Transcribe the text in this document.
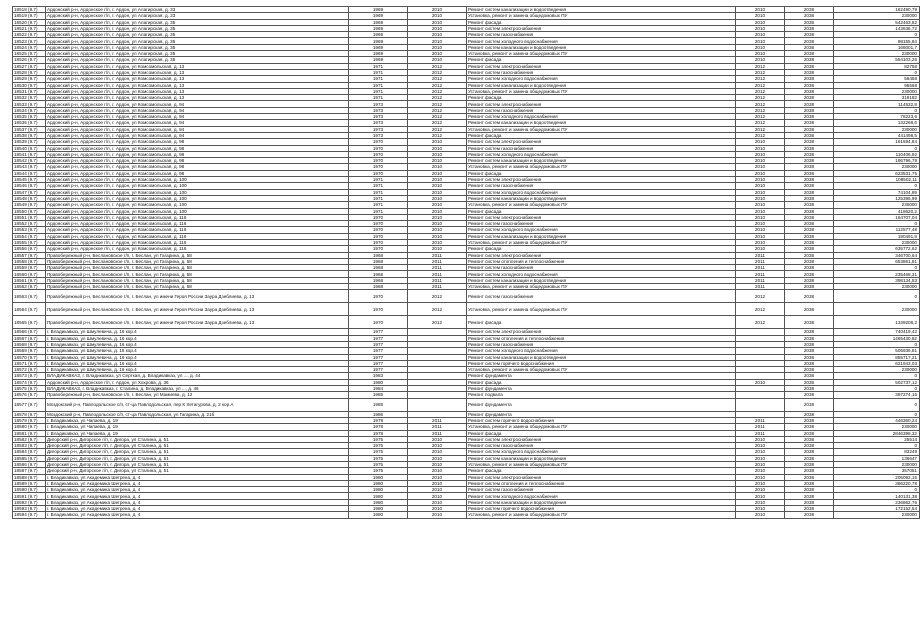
18518 (9.7)	Ардонский р-н, Ардонское г/п, г. Ардон, ул Алагирская, д. 33	1969	2010	Ремонт систем канализации и водоотведения	2010	2038	162490,79
18519 (9.7)	Ардонский р-н, Ардонское г/п, г. Ардон, ул Алагирская, д. 33	1969	2010	Установка, ремонт и замена общедомовых ПУ	2010	2038	230000
18520 (9.7)	Ардонский р-н, Ардонское г/п, г. Ардон, ул Алагирская, д. 35	1969	2010	Ремонт фасада	2010	2038	542463,82
18521 (9.7)	Ардонский р-н, Ардонское г/п, г. Ардон, ул Алагирская, д. 35	1969	2010	Ремонт систем электроснабжения	2010	2038	143636,72
18522 (9.7)	Ардонский р-н, Ардонское г/п, г. Ардон, ул Алагирская, д. 35	1969	2010	Ремонт систем газоснабжения	2010	2038	0
18523 (9.7)	Ардонский р-н, Ардонское г/п, г. Ардон, ул Алагирская, д. 35	1969	2010	Ремонт систем холодного водоснабжения	2010	2038	98155,84
18524 (9.7)	Ардонский р-н, Ардонское г/п, г. Ардон, ул Алагирская, д. 35	1969	2010	Ремонт систем канализации и водоотведения	2010	2038	166001,7
18525 (9.7)	Ардонский р-н, Ардонское г/п, г. Ардон, ул Алагирская, д. 35	1969	2010	Установка, ремонт и замена общедомовых ПУ	2010	2038	230000
18526 (9.7)	Ардонский р-н, Ардонское г/п, г. Ардон, ул Алагирская, д. 35	1969	2010	Ремонт фасада	2010	2038	554103,26
18527 (9.7)	Ардонский р-н, Ардонское г/п, г. Ардон, ул Комсомольская, д. 13	1971	2012	Ремонт систем электроснабжения	2012	2038	82758
18528 (9.7)	Ардонский р-н, Ардонское г/п, г. Ардон, ул Комсомольская, д. 13	1971	2012	Ремонт систем газоснабжения	2012	2038	0
18529 (9.7)	Ардонский р-н, Ардонское г/п, г. Ардон, ул Комсомольская, д. 13	1971	2012	Ремонт систем холодного водоснабжения	2012	2038	56458
18530 (9.7)	Ардонский р-н, Ардонское г/п, г. Ардон, ул Комсомольская, д. 13	1971	2012	Ремонт систем канализации и водоотведения	2012	2038	95568
18531 (9.7)	Ардонский р-н, Ардонское г/п, г. Ардон, ул Комсомольская, д. 13	1971	2012	Установка, ремонт и замена общедомовых ПУ	2012	2038	230000
18532 (9.7)	Ардонский р-н, Ардонское г/п, г. Ардон, ул Комсомольская, д. 13	1971	2012	Ремонт фасада	2012	2038	319182
18533 (9.7)	Ардонский р-н, Ардонское г/п, г. Ардон, ул Комсомольская, д. 94	1973	2012	Ремонт систем электроснабжения	2012	2038	114532,8
18534 (9.7)	Ардонский р-н, Ардонское г/п, г. Ардон, ул Комсомольская, д. 94	1973	2012	Ремонт систем газоснабжения	2012	2038	0
18535 (9.7)	Ардонский р-н, Ардонское г/п, г. Ардон, ул Комсомольская, д. 94	1973	2012	Ремонт систем холодного водоснабжения	2012	2038	78223,6
18536 (9.7)	Ардонский р-н, Ардонское г/п, г. Ардон, ул Комсомольская, д. 94	1973	2012	Ремонт систем канализации и водоотведения	2012	2038	132268,6
18537 (9.7)	Ардонский р-н, Ардонское г/п, г. Ардон, ул Комсомольская, д. 94	1973	2012	Установка, ремонт и замена общедомовых ПУ	2012	2038	230000
18538 (9.7)	Ардонский р-н, Ардонское г/п, г. Ардон, ул Комсомольская, д. 94	1973	2012	Ремонт фасада	2012	2038	441498,5
18539 (9.7)	Ардонский р-н, Ардонское г/п, г. Ардон, ул Комсомольская, д. 98	1970	2010	Ремонт систем электроснабжения	2010	2038	161594,84
18540 (9.7)	Ардонский р-н, Ардонское г/п, г. Ардон, ул Комсомольская, д. 98	1970	2010	Ремонт систем газоснабжения	2010	2038	0
18541 (9.7)	Ардонский р-н, Ардонское г/п, г. Ардон, ул Комсомольская, д. 98	1970	2010	Ремонт систем холодного водоснабжения	2010	2038	110406,92
18542 (9.7)	Ардонский р-н, Ардонское г/п, г. Ардон, ул Комсомольская, д. 98	1970	2010	Ремонт систем канализации и водоотведения	2010	2038	186796,78
18543 (9.7)	Ардонский р-н, Ардонское г/п, г. Ардон, ул Комсомольская, д. 98	1970	2010	Установка, ремонт и замена общедомовых ПУ	2010	2038	230000
18544 (9.7)	Ардонский р-н, Ардонское г/п, г. Ардон, ул Комсомольская, д. 98	1970	2010	Ремонт фасада	2010	2038	623531,75
18545 (9.7)	Ардонский р-н, Ардонское г/п, г. Ардон, ул Комсомольская, д. 100	1971	2010	Ремонт систем электроснабжения	2010	2038	108502,11
18546 (9.7)	Ардонский р-н, Ардонское г/п, г. Ардон, ул Комсомольская, д. 100	1971	2010	Ремонт систем газоснабжения	2010	2038	0
18547 (9.7)	Ардонский р-н, Ардонское г/п, г. Ардон, ул Комсомольская, д. 100	1971	2010	Ремонт систем холодного водоснабжения	2010	2038	74104,89
18548 (9.7)	Ардонский р-н, Ардонское г/п, г. Ардон, ул Комсомольская, д. 100	1971	2010	Ремонт систем канализации и водоотведения	2010	2038	125396,99
18549 (9.7)	Ардонский р-н, Ардонское г/п, г. Ардон, ул Комсомольская, д. 100	1971	2010	Установка, ремонт и замена общедомовых ПУ	2010	2038	230000
18550 (9.7)	Ардонский р-н, Ардонское г/п, г. Ардон, ул Комсомольская, д. 100	1971	2010	Ремонт фасада	2010	2038	418620,2
18551 (9.7)	Ардонский р-н, Ардонское г/п, г. Ардон, ул Комсомольская, д. 116	1970	2010	Ремонт систем электроснабжения	2010	2038	164707,04
18552 (9.7)	Ардонский р-н, Ардонское г/п, г. Ардон, ул Комсомольская, д. 116	1970	2010	Ремонт систем газоснабжения	2010	2038	0
18553 (9.7)	Ардонский р-н, Ардонское г/п, г. Ардон, ул Комсомольская, д. 116	1970	2010	Ремонт систем холодного водоснабжения	2010	2038	112577,48
18554 (9.7)	Ардонский р-н, Ардонское г/п, г. Ардон, ул Комсомольская, д. 116	1970	2010	Ремонт систем канализации и водоотведения	2010	2038	190491,8
18555 (9.7)	Ардонский р-н, Ардонское г/п, г. Ардон, ул Комсомольская, д. 116	1970	2010	Установка, ремонт и замена общедомовых ПУ	2010	2038	230000
18556 (9.7)	Ардонский р-н, Ардонское г/п, г. Ардон, ул Комсомольская, д. 116	1970	2010	Ремонт фасада	2010	2038	635772,62
18557 (9.7)	Правобережный р-н, Беслановское г/п, г. Беслан, ул Гагарина, д. 58	1968	2011	Ремонт систем электроснабжения	2011	2038	346700,64
18558 (9.7)	Правобережный р-н, Беслановское г/п, г. Беслан, ул Гагарина, д. 58	1968	2011	Ремонт систем отопления и теплоснабжения	2011	2038	653861,81
18559 (9.7)	Правобережный р-н, Беслановское г/п, г. Беслан, ул Гагарина, д. 58	1968	2011	Ремонт систем газоснабжения	2011	2038	0
18560 (9.7)	Правобережный р-н, Беслановское г/п, г. Беслан, ул Гагарина, д. 58	1968	2011	Ремонт систем холодного водоснабжения	2011	2038	235468,31
18561 (9.7)	Правобережный р-н, Беслановское г/п, г. Беслан, ул Гагарина, д. 58	1968	2011	Ремонт систем канализации и водоотведения	2011	2038	398134,53
18562 (9.7)	Правобережный р-н, Беслановское г/п, г. Беслан, ул Гагарина, д. 58	1968	2011	Установка, ремонт и замена общедомовых ПУ	2011	2038	230000
18563 (9.7)	Правобережный р-н, Беслановское г/п, г. Беслан, ул имени Героя России Заура Дзеблиева, д. 13	1970	2012	Ремонт систем газоснабжения	2012	2038	0
18564 (9.7)	Правобережный р-н, Беслановское г/п, г. Беслан, ул имени Героя России Заура Дзеблиева, д. 13	1970	2012	Установка, ремонт и замена общедомовых ПУ	2012	2038	230000
18565 (9.7)	Правобережный р-н, Беслановское г/п, г. Беслан, ул имени Героя России Заура Дзеблиева, д. 13	1970	2012	Ремонт фасада	2012	2038	1339206,2
18566 (9.7)	г. Владикавказ, ул Шмулевича, д. 16 кор.4	1977		Ремонт систем электроснабжения		2038	740419,42
18567 (9.7)	г. Владикавказ, ул Шмулевича, д. 16 кор.4	1977		Ремонт систем отопления и теплоснабжения		2038	1465430,82
18568 (9.7)	г. Владикавказ, ул Шмулевича, д. 16 кор.4	1977		Ремонт систем газоснабжения		2038	0
18569 (9.7)	г. Владикавказ, ул Шмулевича, д. 16 кор.4	1977		Ремонт систем холодного водоснабжения		2038	505936,81
18570 (9.7)	г. Владикавказ, ул Шмулевича, д. 16 кор.4	1977		Ремонт систем канализации и водоотведения		2038	855717,21
18571 (9.7)	г. Владикавказ, ул Шмулевича, д. 16 кор.4	1977		Ремонт систем горячего водоснабжения		2038	621943,03
18572 (9.7)	г. Владикавказ, ул Шмулевича, д. 16 кор.4	1977		Установка, ремонт и замена общедомовых ПУ		2038	230000
18573 (9.7)	ВЛАДИКАВКАЗ, г. Владикавказ, ул Серткая, д. Владикавказ, ул ..., д. 44	1983		Ремонт фундамента		2038	0
18574 (9.7)	Ардонский р-н, Ардонское г/п, г. Ардон, ул Хохрова, д. 36	1980		Ремонт фасада	2010	2038	502737,12
18575 (9.7)	ВЛАДИКАВКАЗ, г. Владикавказ, г. Сталина, д. Владикавказ, ул ..., д. 46	1984		Ремонт фундамента		2038	0
18576 (9.7)	Правобережный р-н, Беслановское г/п, г. Беслан, ул Мамиева, д. 12	1985		Ремонт подвала		2038	397274,15
18577 (9.7)	Моздокский р-н, Павлодольское с/п, ст-ца Павлодольская, пер К Хетагурова, д. 2 кор.А	1988		Ремонт фундамента		2038	0
18578 (9.7)	Моздокский р-н, Павлодольское с/п, ст-ца Павлодольская, ул Гагарина, д. 21б	1986		Ремонт фундамента		2038	0
18579 (9.7)	г. Владикавказ, ул Чапаева, д. 19	1978	2011	Ремонт систем горячего водоснабжения	2011	2038	446360,24
18580 (9.7)	г. Владикавказ, ул Чапаева, д. 19	1978	2011	Установка, ремонт и замена общедомовых ПУ	2011	2038	230000
18581 (9.7)	г. Владикавказ, ул Чапаева, д. 19	1978	2011	Ремонт фасада	2011	2038	2846398,32
18582 (9.7)	Дигорский р-н, Дигорское г/п, г. Дигора, ул Сталина, д. 51	1975	2010	Ремонт систем электроснабжения	2010	2038	25514
18583 (9.7)	Дигорский р-н, Дигорское г/п, г. Дигора, ул Сталина, д. 51	1975	2010	Ремонт систем газоснабжения	2010	2038	0
18584 (9.7)	Дигорский р-н, Дигорское г/п, г. Дигора, ул Сталина, д. 51	1975	2010	Ремонт систем холодного водоснабжения	2010	2038	83249
18585 (9.7)	Дигорский р-н, Дигорское г/п, г. Дигора, ул Сталина, д. 51	1975	2010	Ремонт систем канализации и водоотведения	2010	2038	136647
18586 (9.7)	Дигорский р-н, Дигорское г/п, г. Дигора, ул Сталина, д. 51	1975	2010	Установка, ремонт и замена общедомовых ПУ	2010	2038	230000
18587 (9.7)	Дигорский р-н, Дигорское г/п, г. Дигора, ул Сталина, д. 51	1975	2010	Ремонт фасада	2010	2038	357051
18588 (9.7)	г. Владикавказ, ул Академика Шегрена, д. 4	1980	2010	Ремонт систем электроснабжения	2010	2038	205092,15
18589 (9.7)	г. Владикавказ, ул Академика Шегрена, д. 4	1980	2010	Ремонт систем отопления и теплоснабжения	2010	2038	386220,78
18590 (9.7)	г. Владикавказ, ул Академика Шегрена, д. 4	1980	2010	Ремонт систем газоснабжения	2010	2038	0
18591 (9.7)	г. Владикавказ, ул Академика Шегрена, д. 4	1980	2010	Ремонт систем холодного водоснабжения	2010	2038	140131,38
18592 (9.7)	г. Владикавказ, ул Академика Шегрена, д. 4	1980	2010	Ремонт систем канализации и водоотведения	2010	2038	236862,76
18593 (9.7)	г. Владикавказ, ул Академика Шегрена, д. 4	1980	2010	Ремонт систем горячего водоснабжения	2010	2038	172152,54
18594 (9.7)	г. Владикавказ, ул Академика Шегрена, д. 4	1980	2010	Установка, ремонт и замена общедомовых ПУ	2010	2038	230000
